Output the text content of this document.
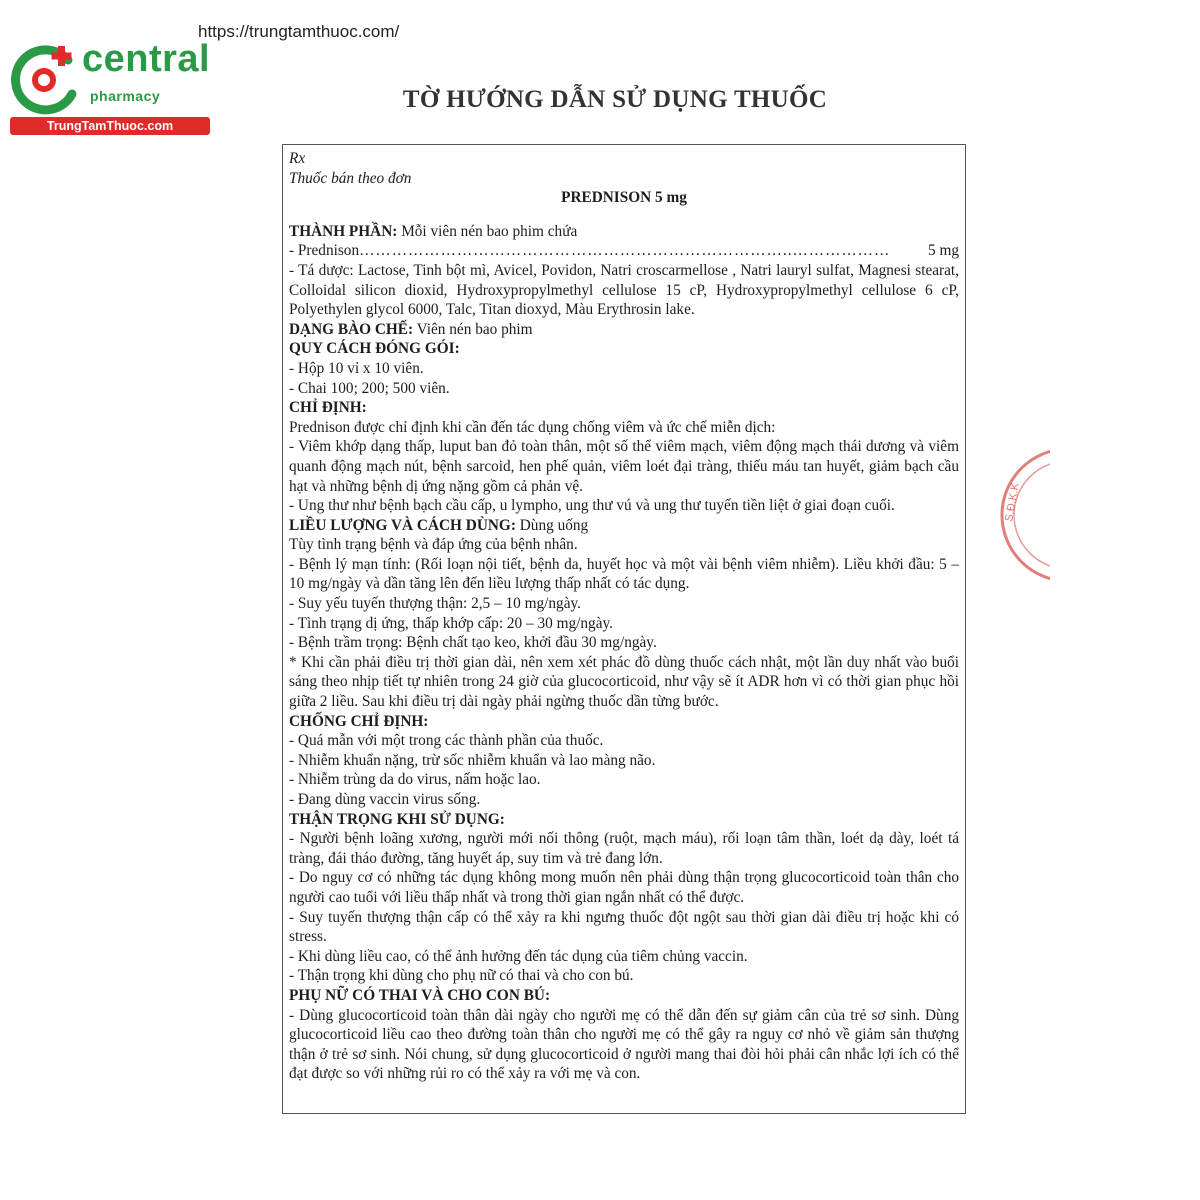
https://trungtamthuoc.com/
central
pharmacy
TrungTamThuoc.com
TỜ HƯỚNG DẪN SỬ DỤNG THUỐC

Rx

Thuốc bán theo đơn

PREDNISON 5 mg

THÀNH PHẦN: Mỗi viên nén bao phim chứa

- Prednison ……………………………………………………………………..………………	5 mg

- Tá dược: Lactose, Tinh bột mì, Avicel, Povidon, Natri croscarmellose , Natri lauryl sulfat, Magnesi stearat, Colloidal silicon dioxid, Hydroxypropylmethyl cellulose 15 cP, Hydroxypropylmethyl cellulose 6 cP, Polyethylen glycol 6000, Talc, Titan dioxyd, Màu Erythrosin lake.

DẠNG BÀO CHẾ: Viên nén bao phim

QUY CÁCH ĐÓNG GÓI:

- Hộp 10 vỉ x 10 viên.

- Chai 100; 200; 500 viên.

CHỈ ĐỊNH:

Prednison được chỉ định khi cần đến tác dụng chống viêm và ức chế miễn dịch:

- Viêm khớp dạng thấp, luput ban đỏ toàn thân, một số thể viêm mạch, viêm động mạch thái dương và viêm quanh động mạch nút, bệnh sarcoid, hen phế quản, viêm loét đại tràng, thiếu máu tan huyết, giảm bạch cầu hạt và những bệnh dị ứng nặng gồm cả phản vệ.

- Ung thư như bệnh bạch cầu cấp, u lympho, ung thư vú và ung thư tuyến tiền liệt ở giai đoạn cuối.

LIỀU LƯỢNG VÀ CÁCH DÙNG: Dùng uống

Tùy tình trạng bệnh và đáp ứng của bệnh nhân.

- Bệnh lý mạn tính: (Rối loạn nội tiết, bệnh da, huyết học và một vài bệnh viêm nhiễm). Liều khởi đầu: 5 – 10 mg/ngày và dần tăng lên đến liều lượng thấp nhất có tác dụng.

- Suy yếu tuyến thượng thận: 2,5 – 10 mg/ngày.

- Tình trạng dị ứng, thấp khớp cấp: 20 – 30 mg/ngày.

- Bệnh trầm trọng: Bệnh chất tạo keo, khởi đầu 30 mg/ngày.

* Khi cần phải điều trị thời gian dài, nên xem xét phác đồ dùng thuốc cách nhật, một lần duy nhất vào buổi sáng theo nhịp tiết tự nhiên trong 24 giờ của glucocorticoid, như vậy sẽ ít ADR hơn vì có thời gian phục hồi giữa 2 liều. Sau khi điều trị dài ngày phải ngừng thuốc dần từng bước.

CHỐNG CHỈ ĐỊNH:

- Quá mẫn với một trong các thành phần của thuốc.

- Nhiễm khuẩn nặng, trừ sốc nhiễm khuẩn và lao màng não.

- Nhiễm trùng da do virus, nấm hoặc lao.

- Đang dùng vaccin virus sống.

THẬN TRỌNG KHI SỬ DỤNG:

- Người bệnh loãng xương, người mới nối thông (ruột, mạch máu), rối loạn tâm thần, loét dạ dày, loét tá tràng, đái tháo đường, tăng huyết áp, suy tim và trẻ đang lớn.

- Do nguy cơ có những tác dụng không mong muốn nên phải dùng thận trọng glucocorticoid toàn thân cho người cao tuổi với liều thấp nhất và trong thời gian ngắn nhất có thể được.

- Suy tuyến thượng thận cấp có thể xảy ra khi ngưng thuốc đột ngột sau thời gian dài điều trị hoặc khi có stress.

- Khi dùng liều cao, có thể ảnh hưởng đến tác dụng của tiêm chủng vaccin.

- Thận trọng khi dùng cho phụ nữ có thai và cho con bú.

PHỤ NỮ CÓ THAI VÀ CHO CON BÚ:

- Dùng glucocorticoid toàn thân dài ngày cho người mẹ có thể dẫn đến sự giảm cân của trẻ sơ sinh. Dùng glucocorticoid liều cao theo đường toàn thân cho người mẹ có thể gây ra nguy cơ nhỏ về giảm sản thượng thận ở trẻ sơ sinh. Nói chung, sử dụng glucocorticoid ở người mang thai đòi hỏi phải cân nhắc lợi ích có thể đạt được so với những rủi ro có thể xảy ra với mẹ và con.

S.Đ.K.K
